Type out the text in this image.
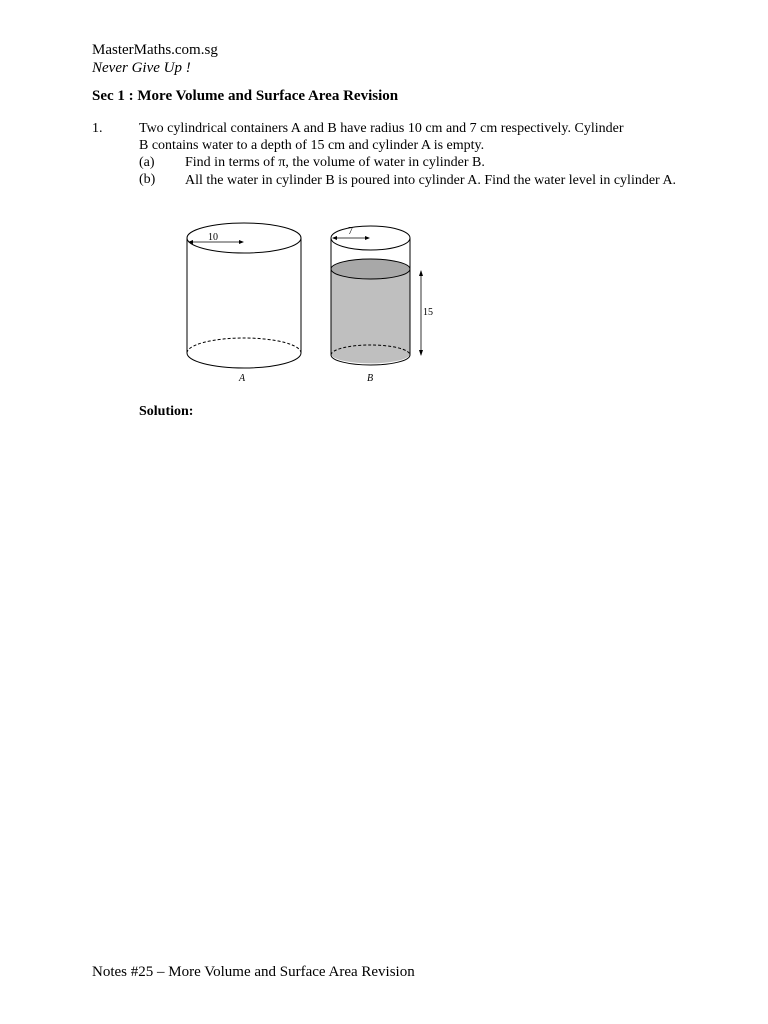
MasterMaths.com.sg
Never Give Up !
Sec 1 : More Volume and Surface Area Revision
1.	Two cylindrical containers A and B have radius 10 cm and 7 cm respectively. Cylinder
B contains water to a depth of 15 cm and cylinder A is empty.
(a) Find in terms of π, the volume of water in cylinder B.
(b) All the water in cylinder B is poured into cylinder A. Find the water level in cylinder A.
10
A
7
15
B
Solution:
Notes #25 – More Volume and Surface Area Revision
